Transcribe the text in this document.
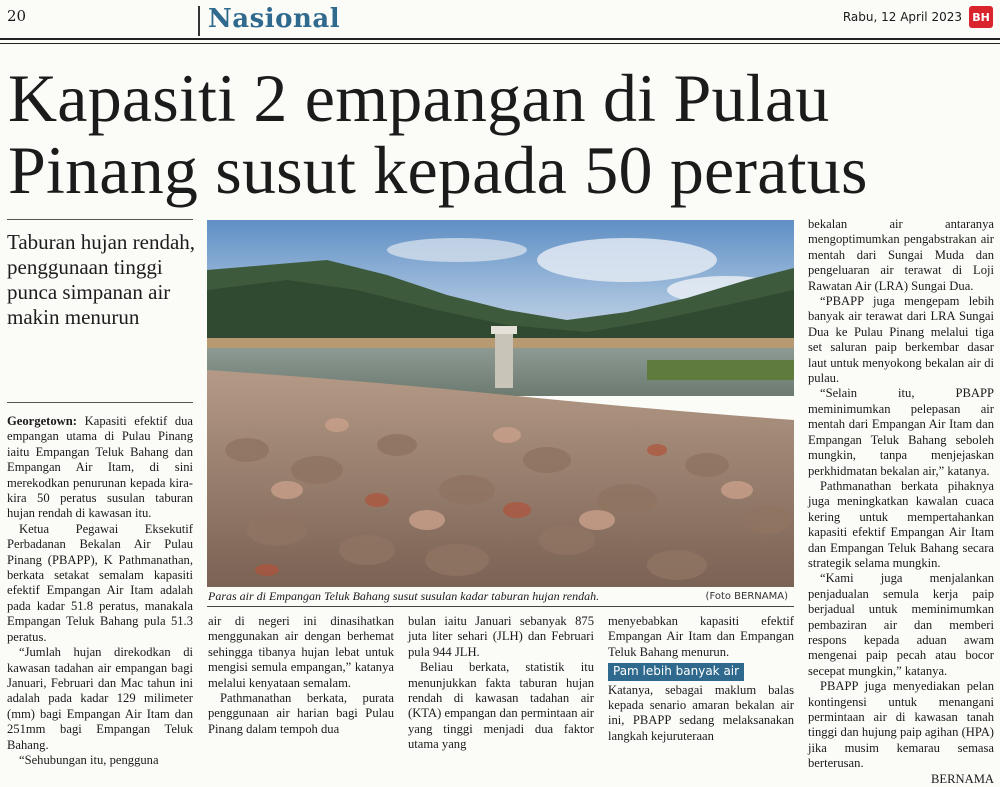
20	Nasional	Rabu, 12 April 2023 BH
Kapasiti 2 empangan di Pulau
Pinang susut kepada 50 peratus
Taburan hujan rendah, penggunaan tinggi punca simpanan air makin menurun
Paras air di Empangan Teluk Bahang susut susulan kadar taburan hujan rendah.	(Foto BERNAMA)

Georgetown: Kapasiti efektif dua empangan utama di Pulau Pinang iaitu Empangan Teluk Bahang dan Empangan Air Itam, di sini merekodkan penurunan kepada kira-kira 50 peratus susulan taburan hujan rendah di kawasan itu.

Ketua Pegawai Eksekutif Perbadanan Bekalan Air Pulau Pinang (PBAPP), K Pathmanathan, berkata setakat semalam kapasiti efektif Empangan Air Itam adalah pada kadar 51.8 peratus, manakala Empangan Teluk Bahang pula 51.3 peratus.

“Jumlah hujan direkodkan di kawasan tadahan air empangan bagi Januari, Februari dan Mac tahun ini adalah pada kadar 129 milimeter (mm) bagi Empangan Air Itam dan 251mm bagi Empangan Teluk Bahang.

“Sehubungan itu, pengguna

air di negeri ini dinasihatkan menggunakan air dengan berhemat sehingga tibanya hujan lebat untuk mengisi semula empangan,” katanya melalui kenyataan semalam.

Pathmanathan berkata, purata penggunaan air harian bagi Pulau Pinang dalam tempoh dua

bulan iaitu Januari sebanyak 875 juta liter sehari (JLH) dan Februari pula 944 JLH.

Beliau berkata, statistik itu menunjukkan fakta taburan hujan rendah di kawasan tadahan air (KTA) empangan dan permintaan air yang tinggi menjadi dua faktor utama yang

menyebabkan kapasiti efektif Empangan Air Itam dan Empangan Teluk Bahang menurun.

Pam lebih banyak air

Katanya, sebagai maklum balas kepada senario amaran bekalan air ini, PBAPP sedang melaksanakan langkah kejuruteraan

bekalan air antaranya mengoptimumkan pengabstrakan air mentah dari Sungai Muda dan pengeluaran air terawat di Loji Rawatan Air (LRA) Sungai Dua.

“PBAPP juga mengepam lebih banyak air terawat dari LRA Sungai Dua ke Pulau Pinang melalui tiga set saluran paip berkembar dasar laut untuk menyokong bekalan air di pulau.

“Selain itu, PBAPP meminimumkan pelepasan air mentah dari Empangan Air Itam dan Empangan Teluk Bahang seboleh mungkin, tanpa menjejaskan perkhidmatan bekalan air,” katanya.

Pathmanathan berkata pihaknya juga meningkatkan kawalan cuaca kering untuk mempertahankan kapasiti efektif Empangan Air Itam dan Empangan Teluk Bahang secara strategik selama mungkin.

“Kami juga menjalankan penjadualan semula kerja paip berjadual untuk meminimumkan pembaziran air dan memberi respons kepada aduan awam mengenai paip pecah atau bocor secepat mungkin,” katanya.

PBAPP juga menyediakan pelan kontingensi untuk menangani permintaan air di kawasan tanah tinggi dan hujung paip agihan (HPA) jika musim kemarau semasa berterusan.

BERNAMA
